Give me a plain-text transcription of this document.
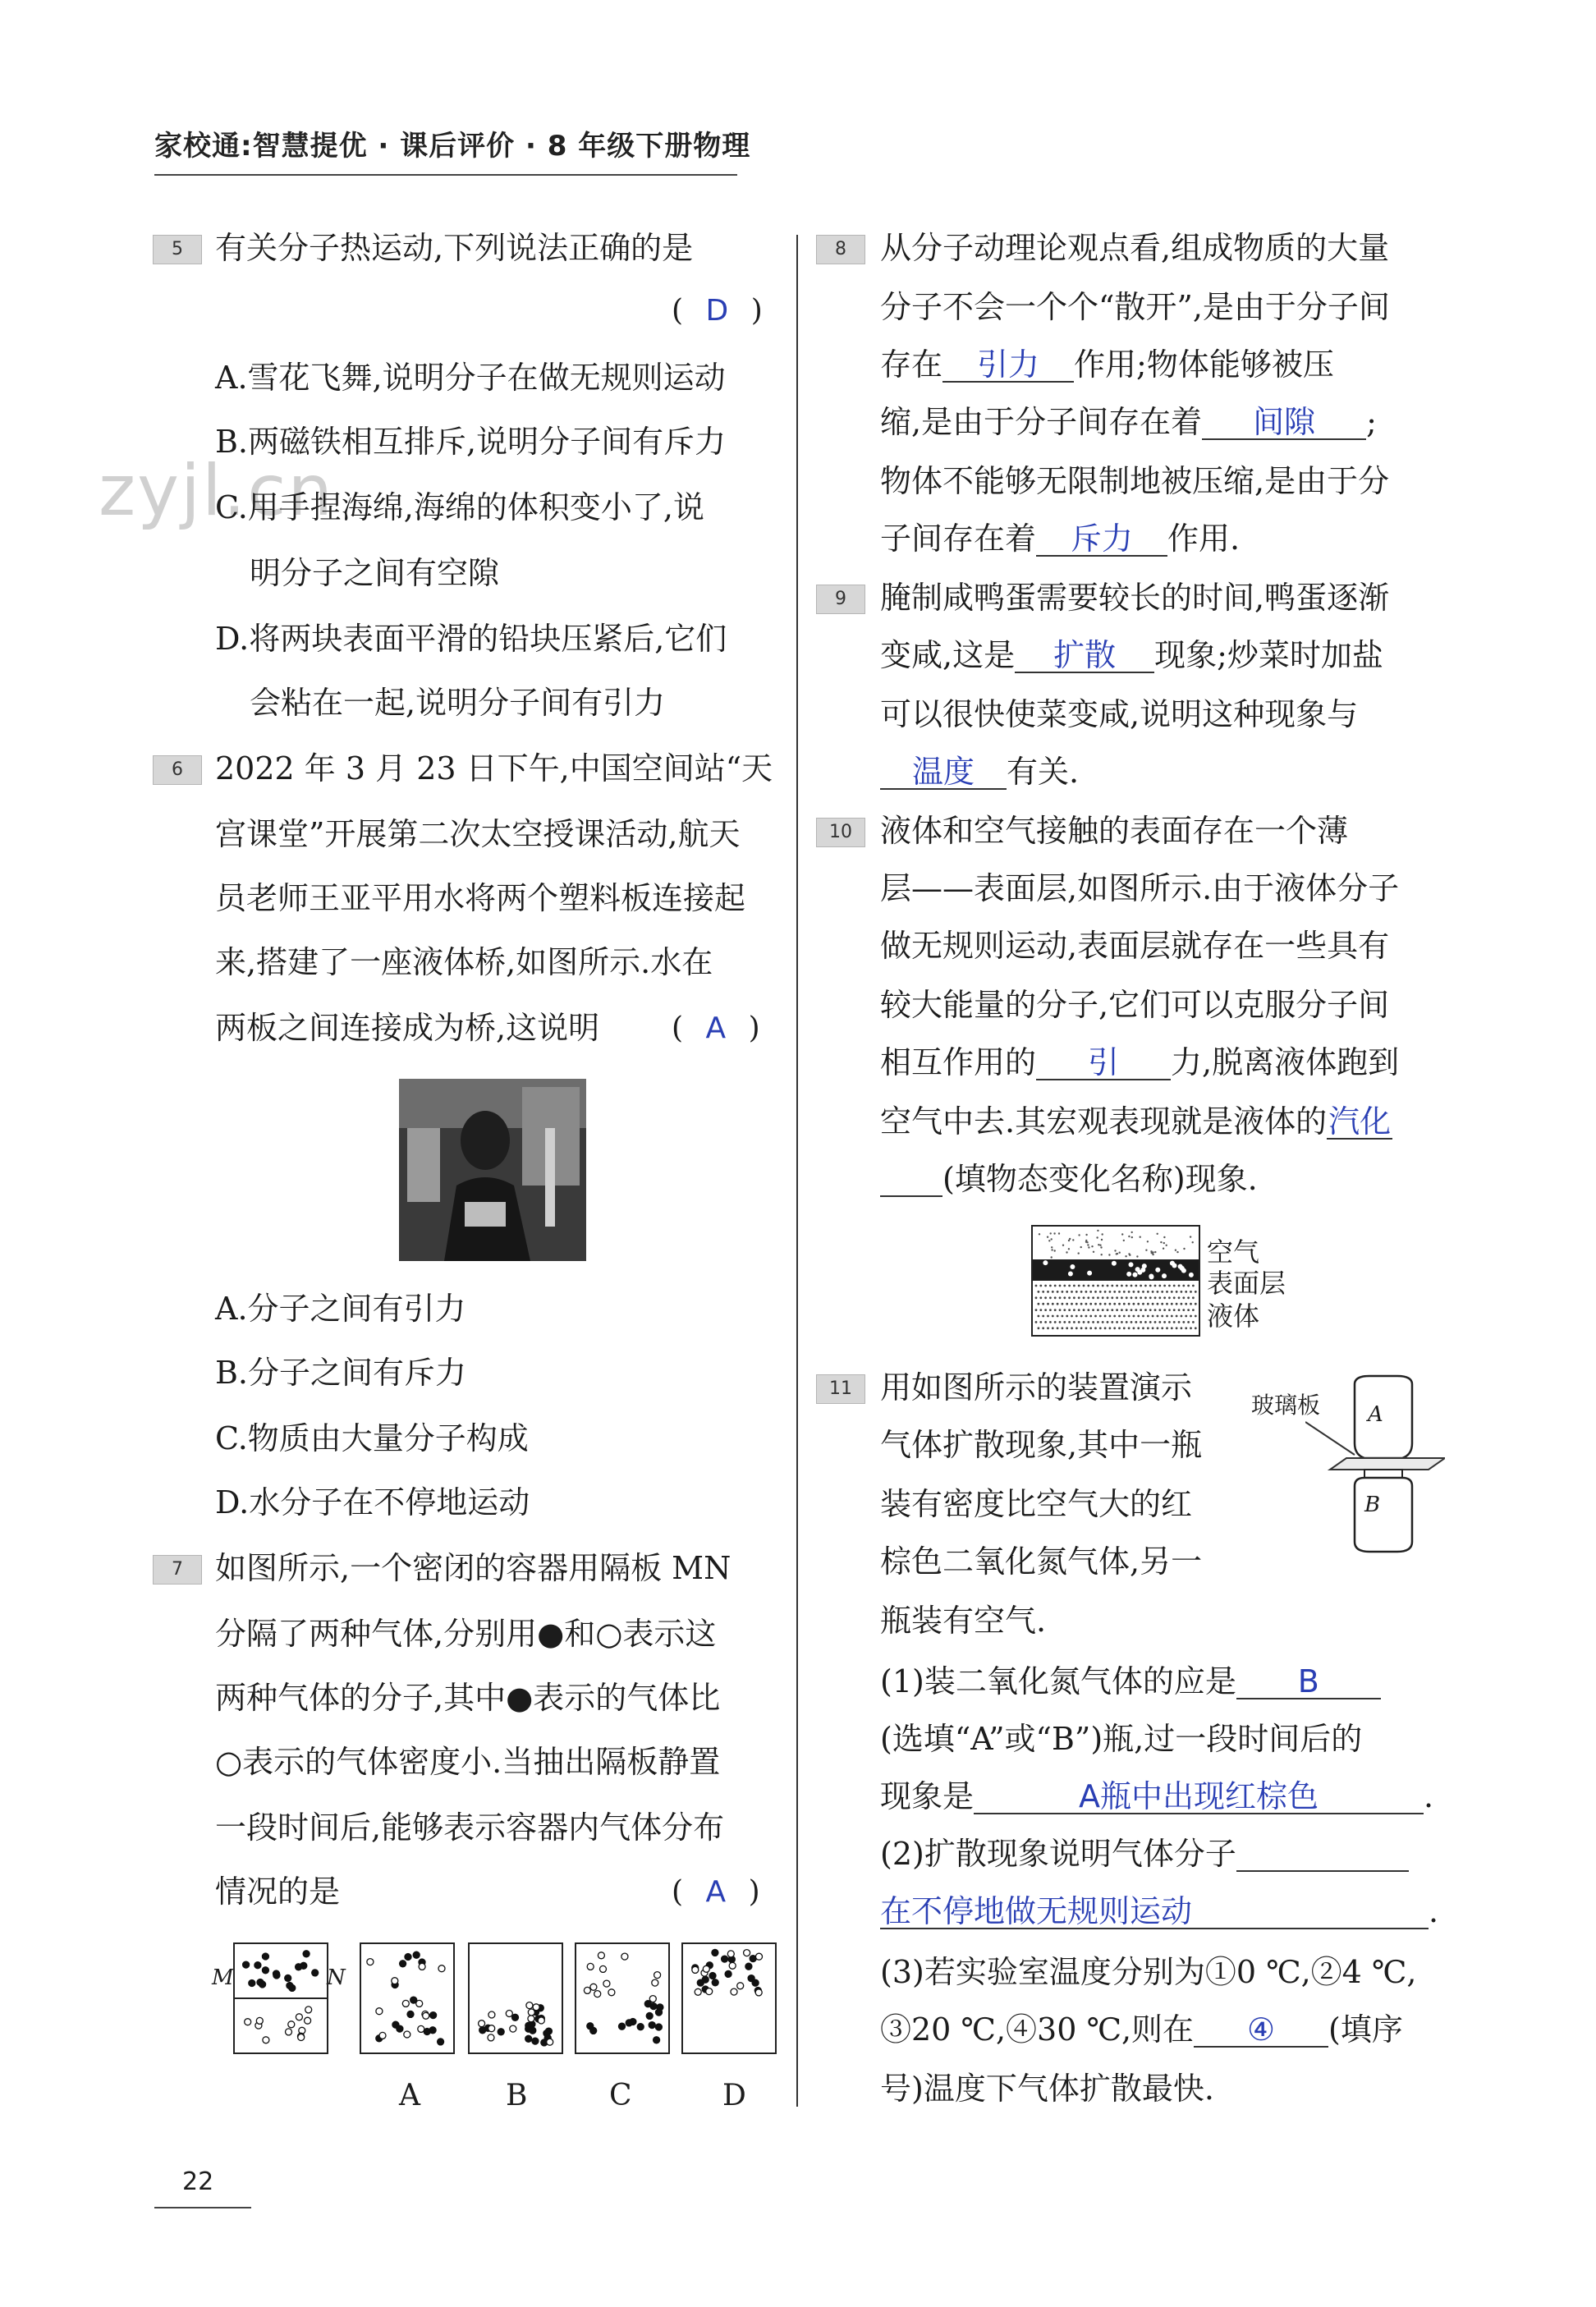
家校通:智慧提优 · 课后评价 · 8 年级下册物理
zyjl.cn
5	有关分子热运动,下列说法正确的是
( D )
A.雪花飞舞,说明分子在做无规则运动
B.两磁铁相互排斥,说明分子间有斥力
C.用手捏海绵,海绵的体积变小了,说
明分子之间有空隙
D.将两块表面平滑的铅块压紧后,它们
会粘在一起,说明分子间有引力
6	2022 年 3 月 23 日下午,中国空间站“天
宫课堂”开展第二次太空授课活动,航天
员老师王亚平用水将两个塑料板连接起
来,搭建了一座液体桥,如图所示.水在
两板之间连接成为桥,这说明 ( A )
A.分子之间有引力
B.分子之间有斥力
C.物质由大量分子构成
D.水分子在不停地运动
7	如图所示,一个密闭的容器用隔板 MN
分隔了两种气体,分别用●和○表示这
两种气体的分子,其中●表示的气体比
○表示的气体密度小.当抽出隔板静置
一段时间后,能够表示容器内气体分布
情况的是	( A )
M	N
A	B	C	D
8	从分子动理论观点看,组成物质的大量
分子不会一个个“散开”,是由于分子间
存在 引力 作用;物体能够被压
缩,是由于分子间存在着 间隙 ;
物体不能够无限制地被压缩,是由于分
子间存在着 斥力 作用.
9	腌制咸鸭蛋需要较长的时间,鸭蛋逐渐
变咸,这是 扩散 现象;炒菜时加盐
可以很快使菜变咸,说明这种现象与
温度 有关.
10 液体和空气接触的表面存在一个薄
层——表面层,如图所示.由于液体分子
做无规则运动,表面层就存在一些具有
较大能量的分子,它们可以克服分子间
相互作用的 引 力,脱离液体跑到
空气中去.其宏观表现就是液体的汽化
(填物态变化名称)现象.
空气
表面层
液体
11 用如图所示的装置演示
气体扩散现象,其中一瓶
装有密度比空气大的红
棕色二氧化氮气体,另一
瓶装有空气.
玻璃板 A
B
(1)装二氧化氮气体的应是 B
(选填“A”或“B”)瓶,过一段时间后的
现象是	A瓶中出现红棕色	.
(2)扩散现象说明气体分子
在不停地做无规则运动	.
(3)若实验室温度分别为①0 ℃,②4 ℃,
③20 ℃,④30 ℃,则在 ④ (填序
号)温度下气体扩散最快.
22
